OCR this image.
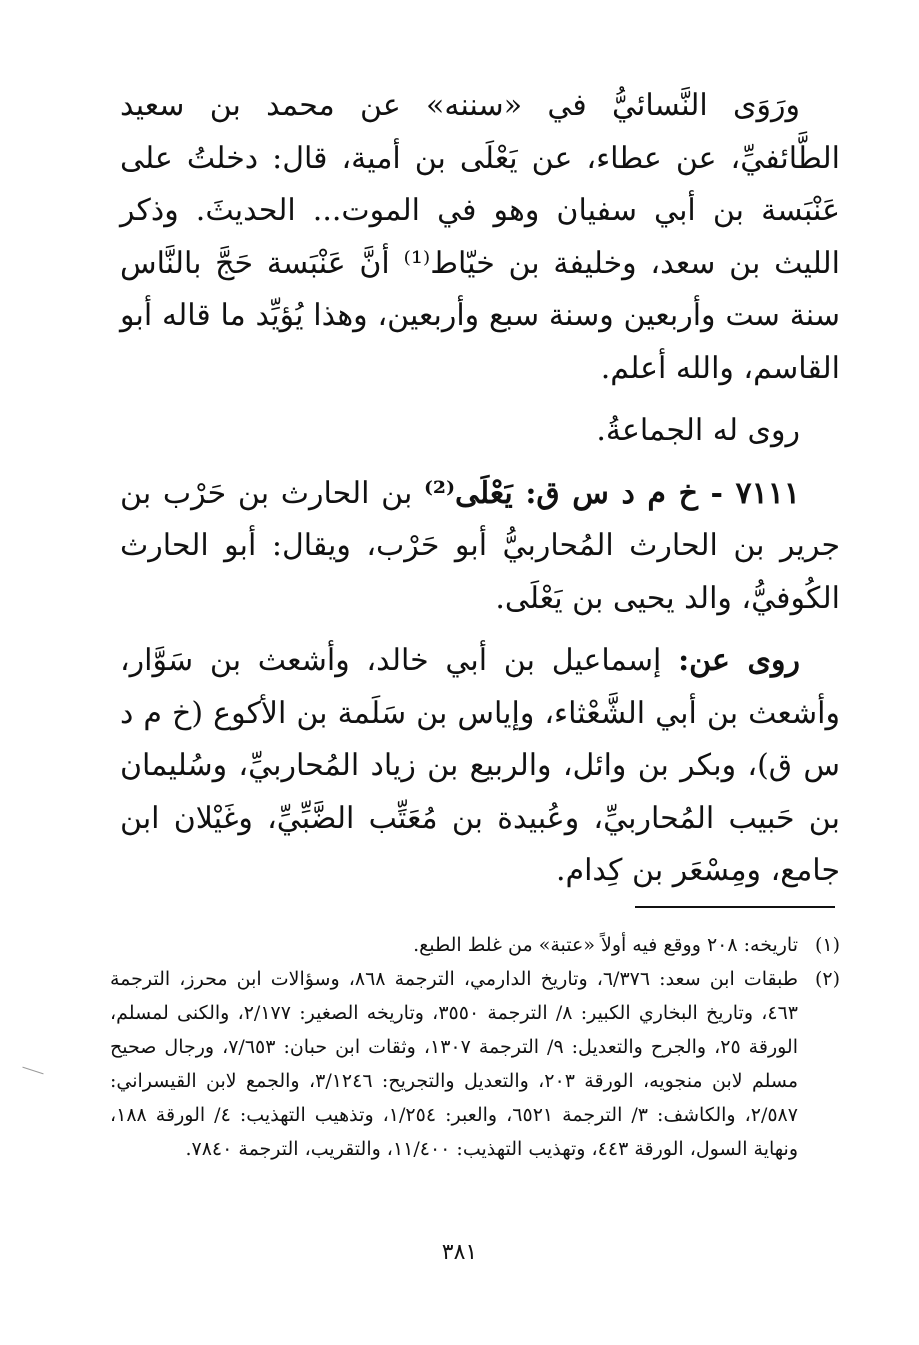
ورَوَى النَّسائيُّ في «سننه» عن محمد بن سعيد الطَّائفيِّ، عن عطاء، عن يَعْلَى بن أمية، قال: دخلتُ على عَنْبَسة بن أبي سفيان وهو في الموت... الحديثَ. وذكر الليث بن سعد، وخليفة بن خيّاط⁽¹⁾ أنَّ عَنْبَسة حَجَّ بالنَّاس سنة ست وأربعين وسنة سبع وأربعين، وهذا يُؤيِّد ما قاله أبو القاسم، والله أعلم.

روى له الجماعةُ.

٧١١١ - خ م د س ق: يَعْلَى⁽²⁾ بن الحارث بن حَرْب بن جرير بن الحارث المُحاربيُّ أبو حَرْب، ويقال: أبو الحارث الكُوفيُّ، والد يحيى بن يَعْلَى.

روى عن: إسماعيل بن أبي خالد، وأشعث بن سَوَّار، وأشعث بن أبي الشَّعْثاء، وإياس بن سَلَمة بن الأكوع (خ م د س ق)، وبكر بن وائل، والربيع بن زياد المُحاربيِّ، وسُليمان بن حَبيب المُحاربيِّ، وعُبيدة بن مُعَتِّب الضَّبِّيِّ، وغَيْلان ابن جامع، ومِسْعَر بن كِدام.

(١)
تاريخه: ٢٠٨ ووقع فيه أولاً «عتبة» من غلط الطبع.
(٢)
طبقات ابن سعد: ٦/٣٧٦، وتاريخ الدارمي، الترجمة ٨٦٨، وسؤالات ابن محرز، الترجمة ٤٦٣، وتاريخ البخاري الكبير: ٨/ الترجمة ٣٥٥٠، وتاريخه الصغير: ٢/١٧٧، والكنى لمسلم، الورقة ٢٥، والجرح والتعديل: ٩/ الترجمة ١٣٠٧، وثقات ابن حبان: ٧/٦٥٣، ورجال صحيح مسلم لابن منجويه، الورقة ٢٠٣، والتعديل والتجريح: ٣/١٢٤٦، والجمع لابن القيسراني: ٢/٥٨٧، والكاشف: ٣/ الترجمة ٦٥٢١، والعبر: ١/٢٥٤، وتذهيب التهذيب: ٤/ الورقة ١٨٨، ونهاية السول، الورقة ٤٤٣، وتهذيب التهذيب: ١١/٤٠٠، والتقريب، الترجمة ٧٨٤٠.
٣٨١
